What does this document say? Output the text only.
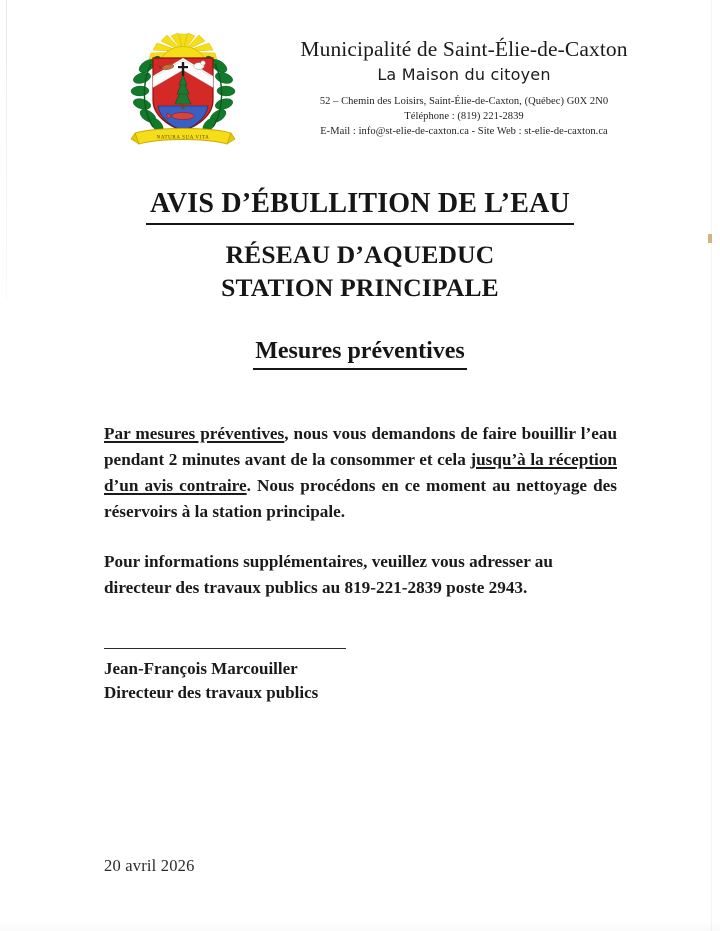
NATURA SUA VITA
Municipalité de Saint-Élie-de-Caxton
La Maison du citoyen
52 – Chemin des Loisirs, Saint-Élie-de-Caxton, (Québec) G0X 2N0
Téléphone : (819) 221-2839
E-Mail : info@st-elie-de-caxton.ca - Site Web : st-elie-de-caxton.ca
AVIS D’ÉBULLITION DE L’EAU
RÉSEAU D’AQUEDUC
STATION PRINCIPALE
Mesures préventives

Par mesures préventives, nous vous demandons de faire bouillir l’eau pendant 2 minutes avant de la consommer et cela jusqu’à la réception d’un avis contraire. Nous procédons en ce moment au nettoyage des réservoirs à la station principale.

Pour informations supplémentaires, veuillez vous adresser au directeur des travaux publics au 819-221-2839 poste 2943.

Jean-François Marcouiller
Directeur des travaux publics
20 avril 2026
